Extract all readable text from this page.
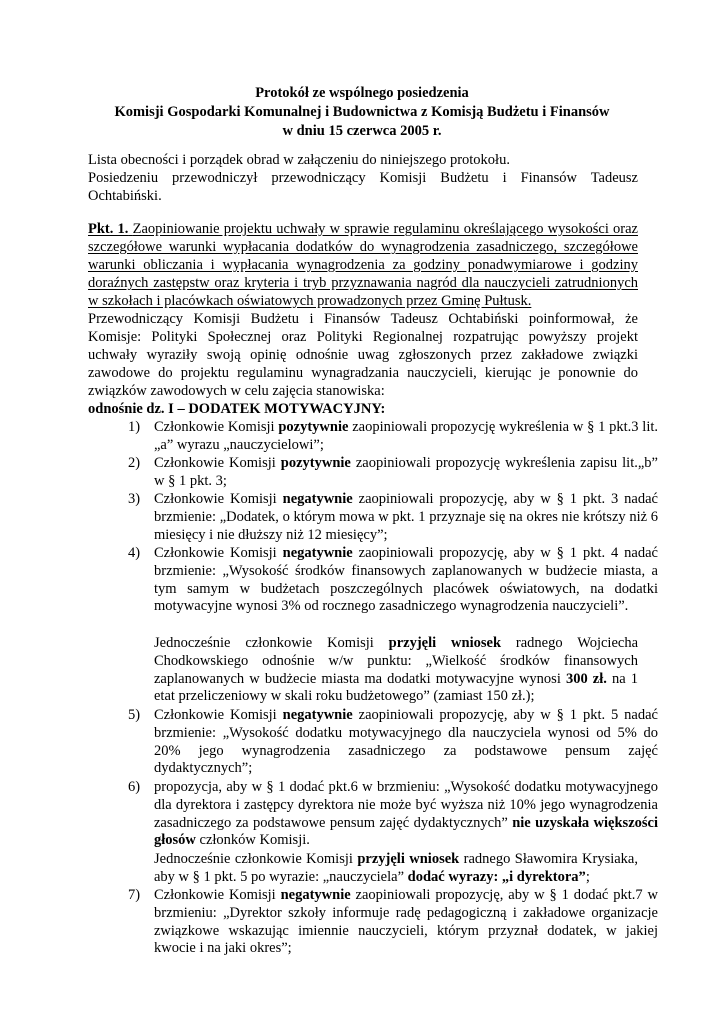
Protokół ze wspólnego posiedzenia
Komisji Gospodarki Komunalnej i Budownictwa z Komisją Budżetu i Finansów
w dniu 15 czerwca 2005 r.
Lista obecności i porządek obrad w załączeniu do niniejszego protokołu.
Posiedzeniu przewodniczył przewodniczący Komisji Budżetu i Finansów Tadeusz
Ochtabiński.
Pkt. 1. Zaopiniowanie projektu uchwały w sprawie regulaminu określającego wysokości oraz
szczegółowe warunki wypłacania dodatków do wynagrodzenia zasadniczego, szczegółowe
warunki obliczania i wypłacania wynagrodzenia za godziny ponadwymiarowe i godziny
doraźnych zastępstw oraz kryteria i tryb przyznawania nagród dla nauczycieli zatrudnionych
w szkołach i placówkach oświatowych prowadzonych przez Gminę Pułtusk.
Przewodniczący Komisji Budżetu i Finansów Tadeusz Ochtabiński poinformował, że
Komisje: Polityki Społecznej oraz Polityki Regionalnej rozpatrując powyższy projekt
uchwały wyraziły swoją opinię odnośnie uwag zgłoszonych przez zakładowe związki
zawodowe do projektu regulaminu wynagradzania nauczycieli, kierując je ponownie do
związków zawodowych w celu zajęcia stanowiska:
odnośnie dz. I – DODATEK MOTYWACYJNY:
1) Członkowie Komisji pozytywnie zaopiniowali propozycję wykreślenia w § 1 pkt.3 lit. „a” wyrazu „nauczycielowi”;
2) Członkowie Komisji pozytywnie zaopiniowali propozycję wykreślenia zapisu lit.„b” w § 1 pkt. 3;
3) Członkowie Komisji negatywnie zaopiniowali propozycję, aby w § 1 pkt. 3 nadać brzmienie: „Dodatek, o którym mowa w pkt. 1 przyznaje się na okres nie krótszy niż 6 miesięcy i nie dłuższy niż 12 miesięcy”;
4) Członkowie Komisji negatywnie zaopiniowali propozycję, aby w § 1 pkt. 4 nadać brzmienie: „Wysokość środków finansowych zaplanowanych w budżecie miasta, a tym samym w budżetach poszczególnych placówek oświatowych, na dodatki motywacyjne wynosi 3% od rocznego zasadniczego wynagrodzenia nauczycieli”.
Jednocześnie członkowie Komisji przyjęli wniosek radnego Wojciecha Chodkowskiego odnośnie w/w punktu: „Wielkość środków finansowych zaplanowanych w budżecie miasta ma dodatki motywacyjne wynosi 300 zł. na 1 etat przeliczeniowy w skali roku budżetowego” (zamiast 150 zł.);
5) Członkowie Komisji negatywnie zaopiniowali propozycję, aby w § 1 pkt. 5 nadać brzmienie: „Wysokość dodatku motywacyjnego dla nauczyciela wynosi od 5% do 20% jego wynagrodzenia zasadniczego za podstawowe pensum zajęć dydaktycznych”;
6) propozycja, aby w § 1 dodać pkt.6 w brzmieniu: „Wysokość dodatku motywacyjnego dla dyrektora i zastępcy dyrektora nie może być wyższa niż 10% jego wynagrodzenia zasadniczego za podstawowe pensum zajęć dydaktycznych” nie uzyskała większości głosów członków Komisji.
Jednocześnie członkowie Komisji przyjęli wniosek radnego Sławomira Krysiaka, aby w § 1 pkt. 5 po wyrazie: „nauczyciela” dodać wyrazy: „i dyrektora”;
7) Członkowie Komisji negatywnie zaopiniowali propozycję, aby w § 1 dodać pkt.7 w brzmieniu: „Dyrektor szkoły informuje radę pedagogiczną i zakładowe organizacje związkowe wskazując imiennie nauczycieli, którym przyznał dodatek, w jakiej kwocie i na jaki okres”;
